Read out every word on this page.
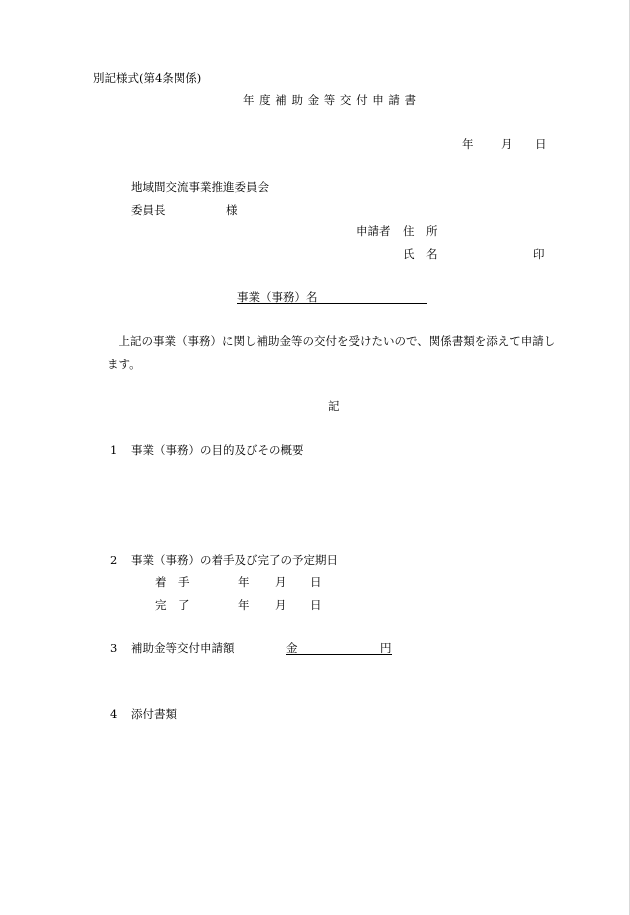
別記様式(第4条関係)
年 度 補 助 金 等 交 付 申 請 書
年 月 日
地域間交流事業推進委員会
委員長	様
申請者 住　所
氏　名	印
事業（事務）名
　上記の事業（事務）に関し補助金等の交付を受けたいので、関係書類を添えて申請し
ます。
記
1 事業（事務）の目的及びその概要
2 事業（事務）の着手及び完了の予定期日
着　手	年 月 日
完　了	年 月 日
3 補助金等交付申請額	金	円
4 添付書類
